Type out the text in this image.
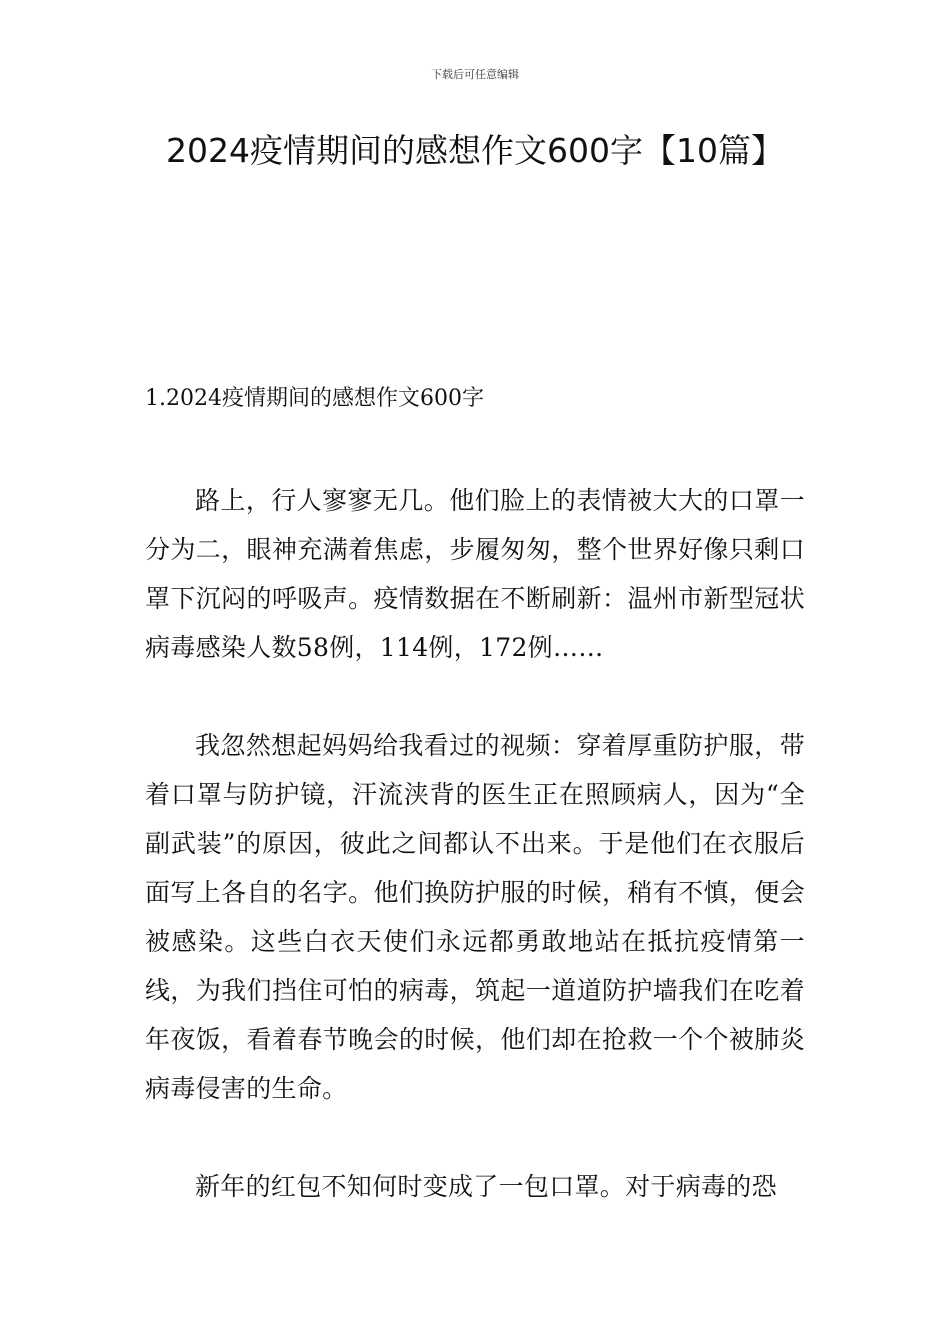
下载后可任意编辑
2024疫情期间的感想作文600字【10篇】
1.2024疫情期间的感想作文600字

路上，行人寥寥无几。他们脸上的表情被大大的口罩一分为二，眼神充满着焦虑，步履匆匆，整个世界好像只剩口罩下沉闷的呼吸声。疫情数据在不断刷新：温州市新型冠状病毒感染人数58例，114例，172例……

我忽然想起妈妈给我看过的视频：穿着厚重防护服，带着口罩与防护镜，汗流浃背的医生正在照顾病人，因为“全副武装”的原因，彼此之间都认不出来。于是他们在衣服后面写上各自的名字。他们换防护服的时候，稍有不慎，便会被感染。这些白衣天使们永远都勇敢地站在抵抗疫情第一线，为我们挡住可怕的病毒，筑起一道道防护墙我们在吃着年夜饭，看着春节晚会的时候，他们却在抢救一个个被肺炎病毒侵害的生命。

新年的红包不知何时变成了一包口罩。对于病毒的恐
